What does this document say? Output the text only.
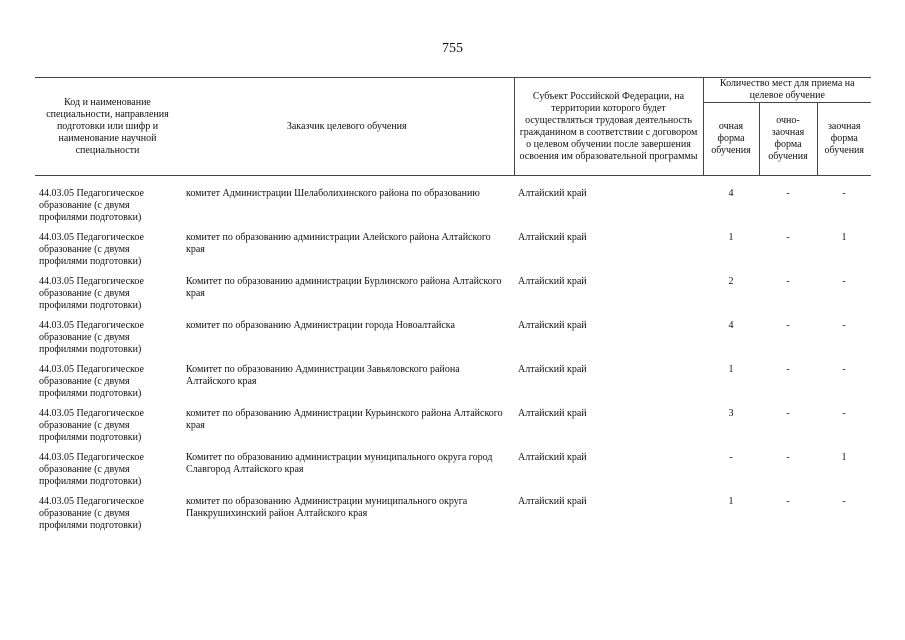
755
Код и наименование специальности, направления подготовки или шифр и наименование научной специальности	Заказчик целевого обучения	Субъект Российской Федерации, на территории которого будет осуществляться трудовая деятельность гражданином в соответствии с договором о целевом обучении после завершения освоения им образовательной программы	Количество мест для приема на целевое обучение		
			очная форма обучения	очно-заочная форма обучения	заочная форма обучения
44.03.05 Педагогическое образование (с двумя профилями подготовки)	комитет Администрации Шелаболихинского района по образованию	Алтайский край	4	-	-
44.03.05 Педагогическое образование (с двумя профилями подготовки)	комитет по образованию администрации Алейского района Алтайского края	Алтайский край	1	-	1
44.03.05 Педагогическое образование (с двумя профилями подготовки)	Комитет по образованию администрации Бурлинского района Алтайского края	Алтайский край	2	-	-
44.03.05 Педагогическое образование (с двумя профилями подготовки)	комитет по образованию Администрации города Новоалтайска	Алтайский край	4	-	-
44.03.05 Педагогическое образование (с двумя профилями подготовки)	Комитет по образованию Администрации Завьяловского района Алтайского края	Алтайский край	1	-	-
44.03.05 Педагогическое образование (с двумя профилями подготовки)	комитет по образованию Администрации Курьинского района Алтайского края	Алтайский край	3	-	-
44.03.05 Педагогическое образование (с двумя профилями подготовки)	Комитет по образованию администрации муниципального округа город Славгород Алтайского края	Алтайский край	-	-	1
44.03.05 Педагогическое образование (с двумя профилями подготовки)	комитет по образованию Администрации муниципального округа Панкрушихинский район Алтайского края	Алтайский край	1	-	-
